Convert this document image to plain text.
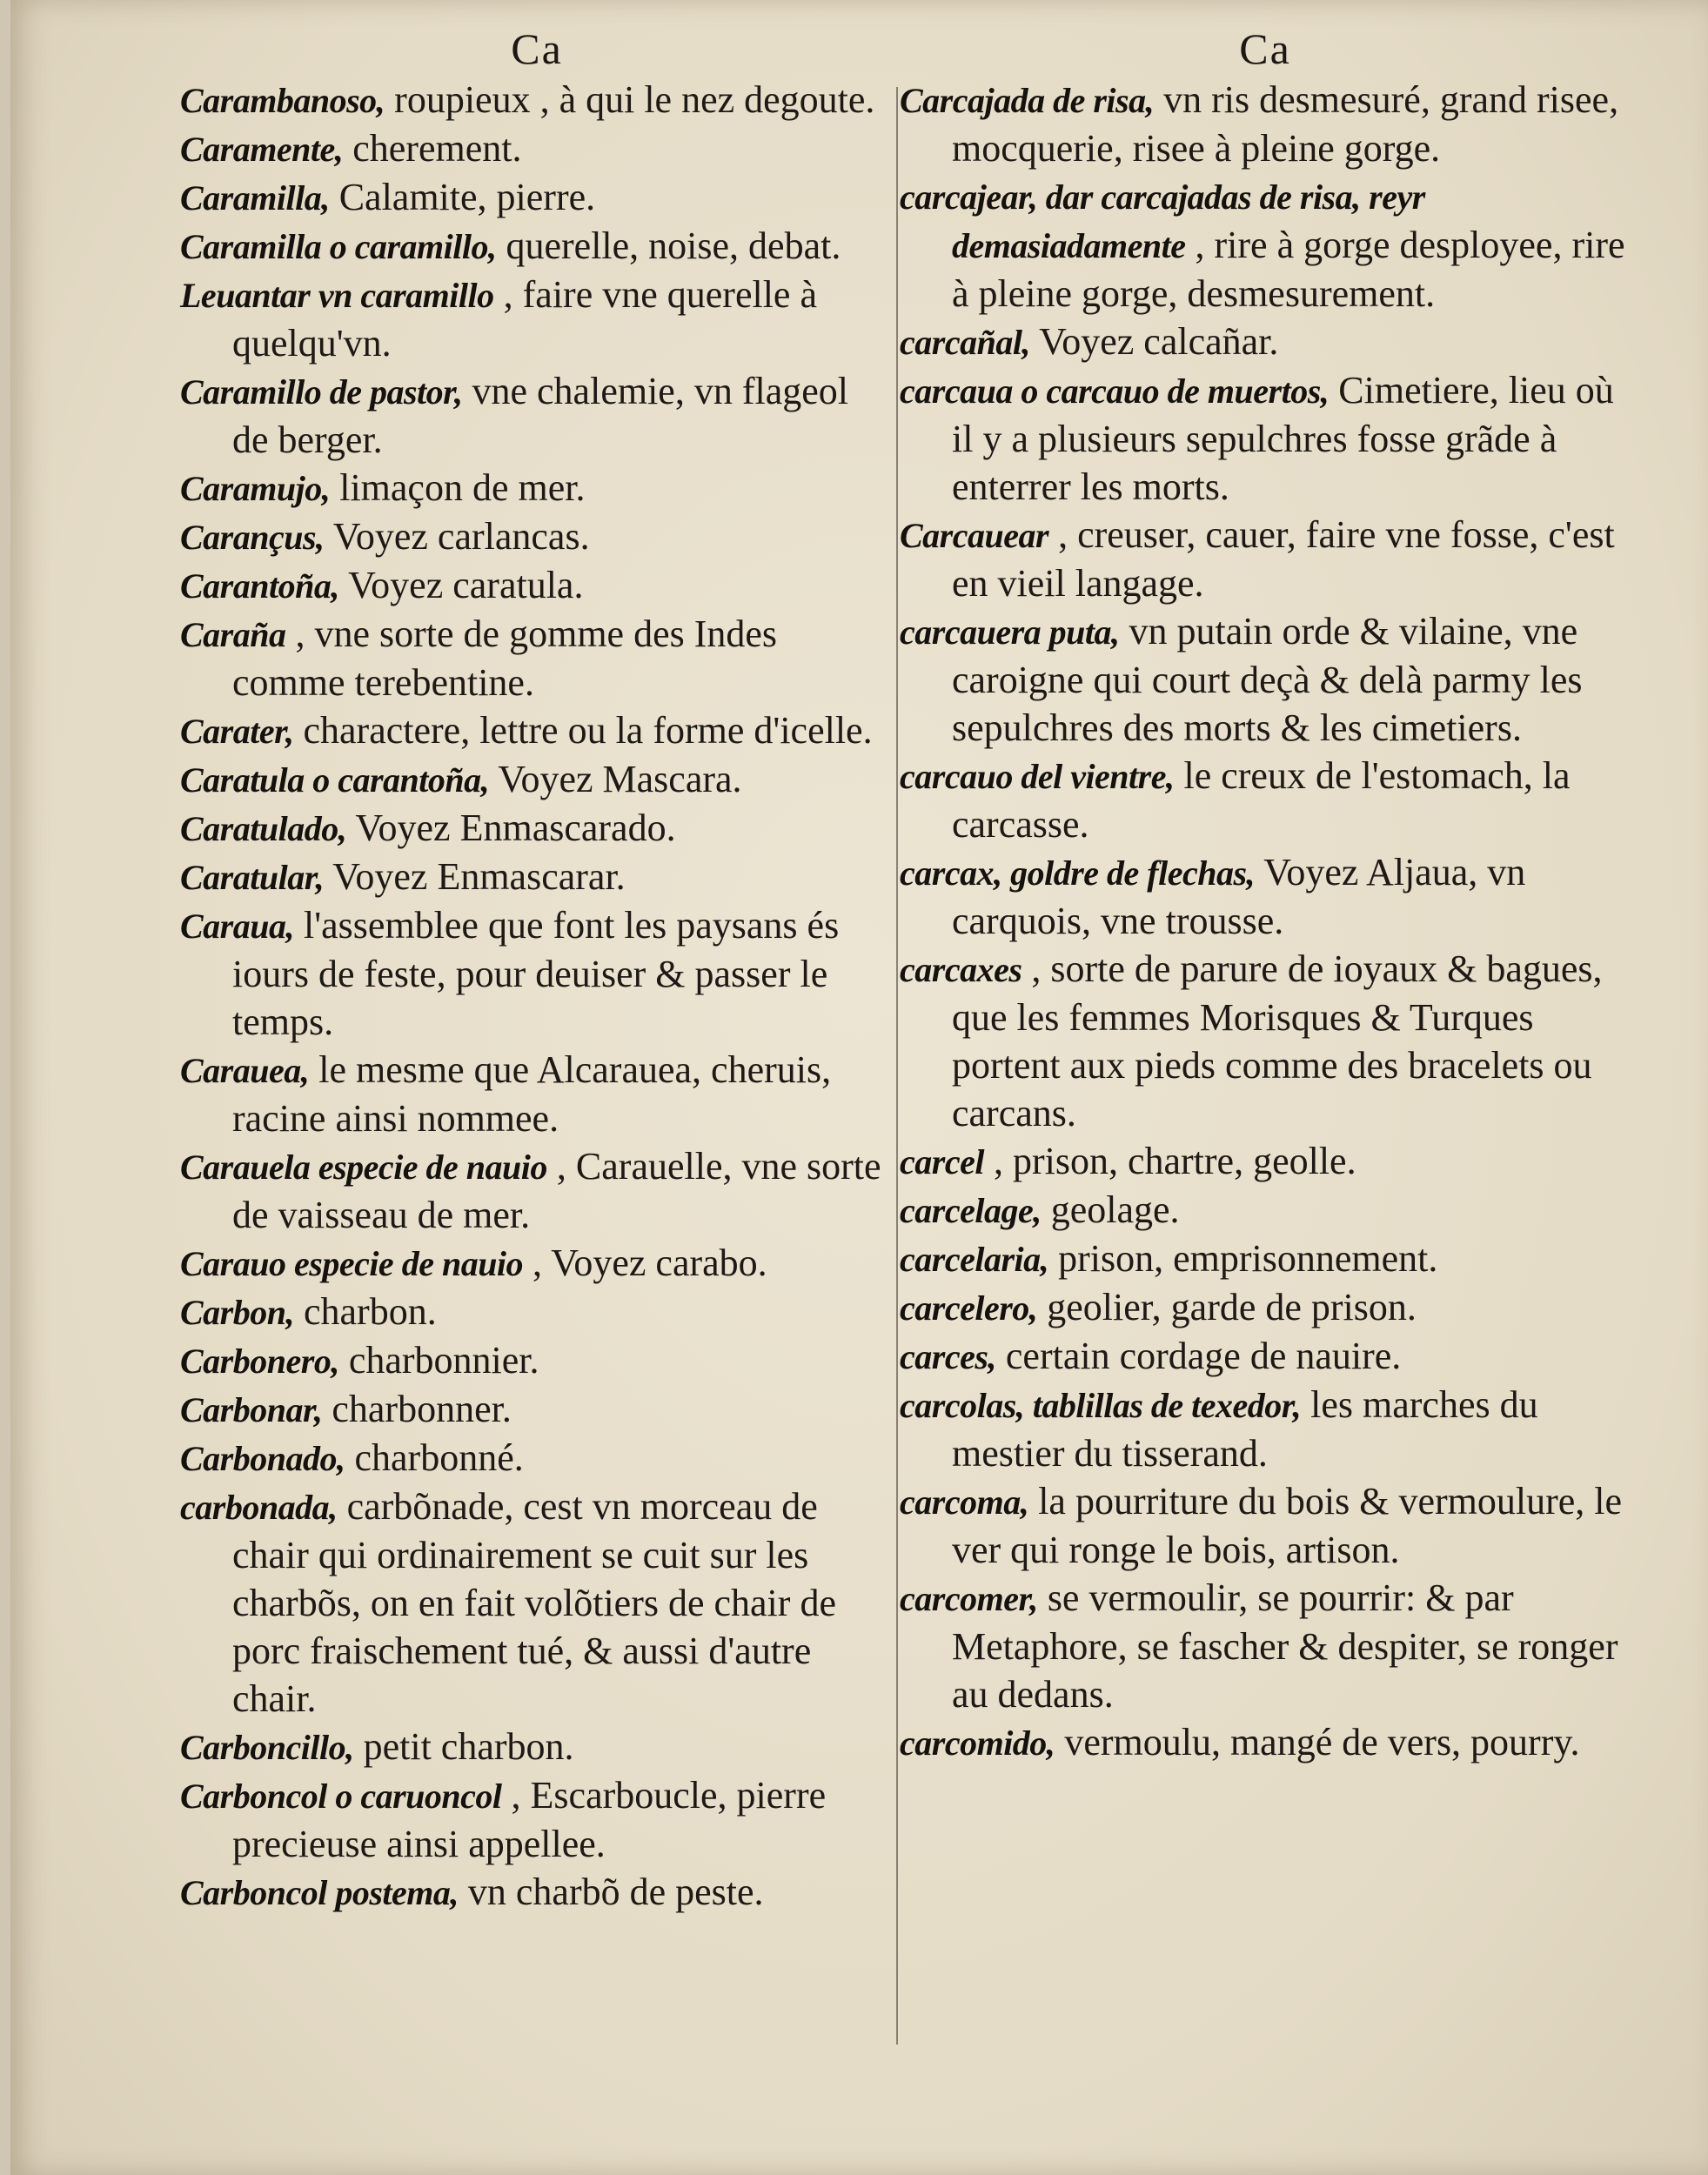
Ca

Carambanoso, roupieux , à qui le nez degoute.

Caramente, cherement.

Caramilla, Calamite, pierre.

Caramilla o caramillo, querelle, noise, debat.

Leuantar vn caramillo , faire vne querelle à quelqu'vn.

Caramillo de pastor, vne chalemie, vn flageol de berger.

Caramujo, limaçon de mer.

Carançus, Voyez carlancas.

Carantoña, Voyez caratula.

Caraña , vne sorte de gomme des Indes comme terebentine.

Carater, charactere, lettre ou la forme d'icelle.

Caratula o carantoña, Voyez Mascara.

Caratulado, Voyez Enmascarado.

Caratular, Voyez Enmascarar.

Carauа, l'assemblee que font les paysans és iours de feste, pour deuiser & passer le temps.

Carauea, le mesme que Alcarauea, cheruis, racine ainsi nommee.

Carauela especie de nauio , Carauelle, vne sorte de vaisseau de mer.

Carauo especie de nauio , Voyez carabo.

Carbon, charbon.

Carbonero, charbonnier.

Carbonar, charbonner.

Carbonado, charbonné.

carbonada, carbõnade, cest vn morceau de chair qui ordinairement se cuit sur les charbõs, on en fait volõtiers de chair de porc fraischement tué, & aussi d'autre chair.

Carboncillo, petit charbon.

Carboncol o caruoncol , Escarboucle, pierre precieuse ainsi appellee.

Carboncol postema, vn charbõ de peste.

Ca

Carcajada de risa, vn ris desmesuré, grand risee, mocquerie, risee à pleine gorge.

carcajear, dar carcajadas de risa, reyr demasiadamente , rire à gorge desployee, rire à pleine gorge, desmesurement.

carcañal, Voyez calcañar.

carcaua o carcauo de muertos, Cimetiere, lieu où il y a plusieurs sepulchres fosse grãde à enterrer les morts.

Carcauear , creuser, cauer, faire vne fosse, c'est en vieil langage.

carcauera puta, vn putain orde & vilaine, vne caroigne qui court deçà & delà parmy les sepulchres des morts & les cimetiers.

carcauo del vientre, le creux de l'estomach, la carcasse.

carcax, goldre de flechas, Voyez Aljaua, vn carquois, vne trousse.

carcaxes , sorte de parure de ioyaux & bagues, que les femmes Morisques & Turques portent aux pieds comme des bracelets ou carcans.

carcel , prison, chartre, geolle.

carcelage, geolage.

carcelaria, prison, emprisonnement.

carcelero, geolier, garde de prison.

carces, certain cordage de nauire.

carcolas, tablillas de texedor, les marches du mestier du tisserand.

carcoma, la pourriture du bois & vermoulure, le ver qui ronge le bois, artison.

carcomer, se vermoulir, se pourrir: & par Metaphore, se fascher & despiter, se ronger au dedans.

carcomido, vermoulu, mangé de vers, pourry.
